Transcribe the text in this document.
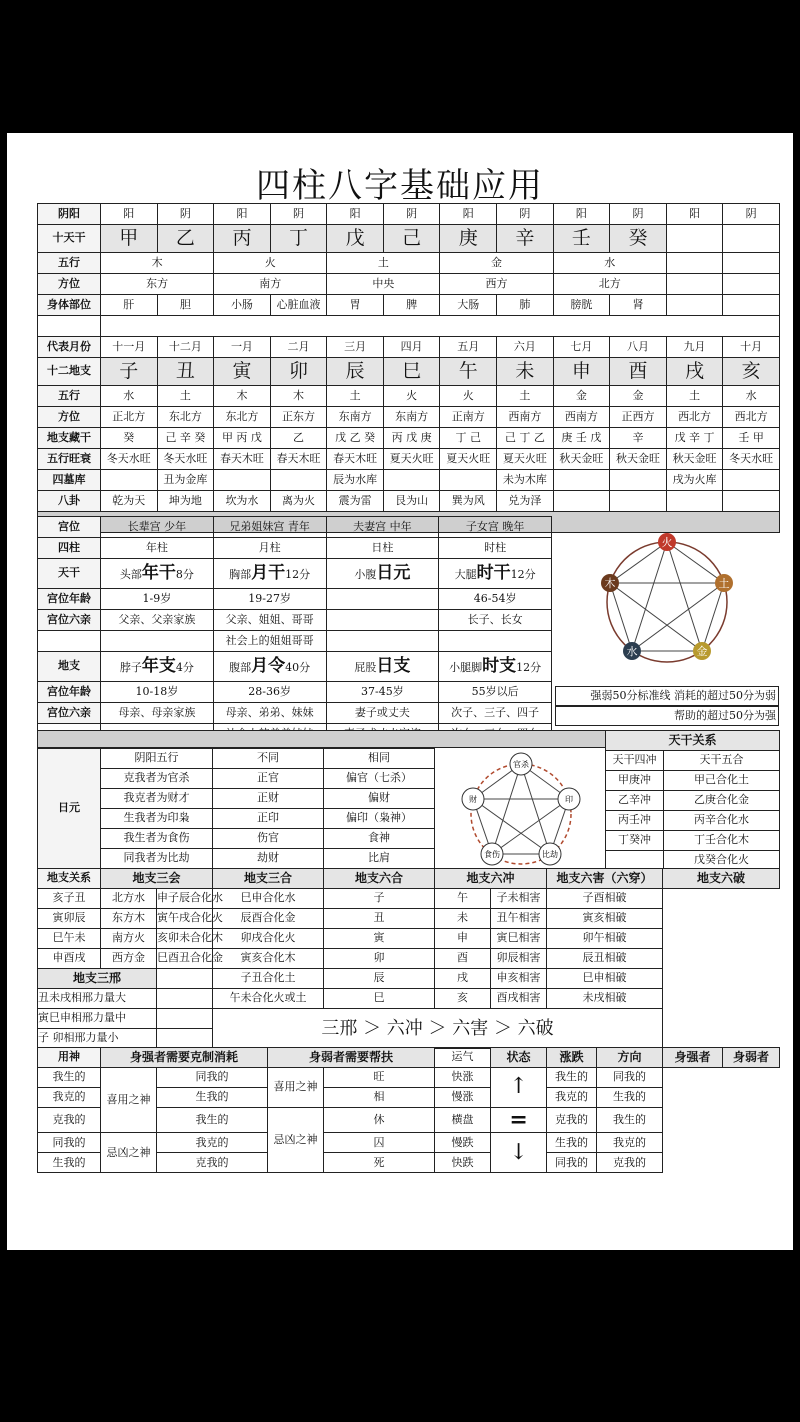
四柱八字基础应用
阴阳	阳	阴	阳	阴	阳	阴	阳	阴	阳	阴	阳	阴
十天干	甲	乙	丙	丁	戊	己	庚	辛	壬	癸		
五行	木		火		土		金		水			
方位	东方		南方		中央		西方		北方			
身体部位	肝	胆	小肠	心脏血液	胃	脾	大肠	肺	膀胱	肾		

代表月份	十一月	十二月	一月	二月	三月	四月	五月	六月	七月	八月	九月	十月
十二地支	子	丑	寅	卯	辰	巳	午	未	申	酉	戌	亥
五行	水	土	木	木	土	火	火	土	金	金	土	水
方位	正北方	东北方	东北方	正东方	东南方	东南方	正南方	西南方	西南方	正西方	西北方	西北方
地支藏干	癸	己 辛 癸	甲 丙 戊	乙	戊 乙 癸	丙 戊 庚	丁 己	己 丁 乙	庚 壬 戊	辛	戊 辛 丁	壬 甲
五行旺衰	冬天水旺	冬天水旺	春天木旺	春天木旺	春天木旺	夏天火旺	夏天火旺	夏天火旺	秋天金旺	秋天金旺	秋天金旺	冬天水旺
四墓库		丑为金库			辰为水库			未为木库			戌为火库	
八卦	乾为天	坤为地	坎为水	离为火	震为雷	艮为山	巽为风	兑为泽				

宫位	长辈宫 少年	兄弟姐妹宫 青年	夫妻宫 中年	子女宫 晚年
四柱	年柱	月柱	日柱	时柱
天干	头部年干8分	胸部月干12分	小腹日元	大腿时干12分
宫位年龄	1-9岁	19-27岁		46-54岁
宫位六亲	父亲、父亲家族	父亲、姐姐、哥哥		长子、长女
		社会上的姐姐哥哥		
地支	脖子年支4分	腹部月令40分	屁股日支	小腿脚时支12分
宫位年龄	10-18岁	28-36岁	37-45岁	55岁以后
宫位六亲	母亲、母亲家族	母亲、弟弟、妹妹	妻子或丈夫	次子、三子、四子

强弱50分标准线 消耗的超过50分为弱
帮助的超过50分为强
火
土
金
水
木
日元	阴阳五行	不同	相同
	克我者为官杀	正官	偏官（七杀）
	我克者为财才	正财	偏财
	生我者为印枭	正印	偏印（枭神）
	我生者为食伤	伤官	食神
	同我者为比劫	劫财	比肩
官杀
印
比劫
食伤
财
天干关系	
天干四冲	天干五合
甲庚冲	甲己合化土
乙辛冲	乙庚合化金
丙壬冲	丙辛合化水
丁癸冲	丁壬合化木
	戊癸合化火
地支关系	地支三会		地支三合	地支六合	地支六冲		地支六害（六穿）	地支六破
亥子丑	北方水	申子辰合化水	巳申合化水	子	午	子未相害	子酉相破	
寅卯辰	东方木	寅午戌合化火	辰酉合化金	丑	未	丑午相害	寅亥相破	
巳午未	南方火	亥卯未合化木	卯戌合化火	寅	申	寅巳相害	卯午相破	
申酉戌	西方金	巳酉丑合化金	寅亥合化木	卯	酉	卯辰相害	辰丑相破	
地支三邢			子丑合化土	辰	戌	申亥相害	巳申相破	
丑未戌相邢力量大			午未合化火或土	巳	亥	酉戌相害	未戌相破	
寅巳申相邢力量中			三邢 ＞ 六冲 ＞ 六害 ＞ 六破					
子 卯相邢力量小								
用神	身强者需要克制消耗		身弱者需要帮扶		运气	状态	涨跌	方向	身强者	身弱者
我生的	喜用之神	同我的	喜用之神	旺	快涨	↑	我生的	同我的		
我克的		生我的		相	慢涨		我克的	生我的		
克我的		我生的	忌凶之神	休	横盘	=	克我的	我生的		
同我的	忌凶之神	我克的		囚	慢跌	↓	生我的	我克的		
生我的		克我的		死	快跌		同我的	克我的		
